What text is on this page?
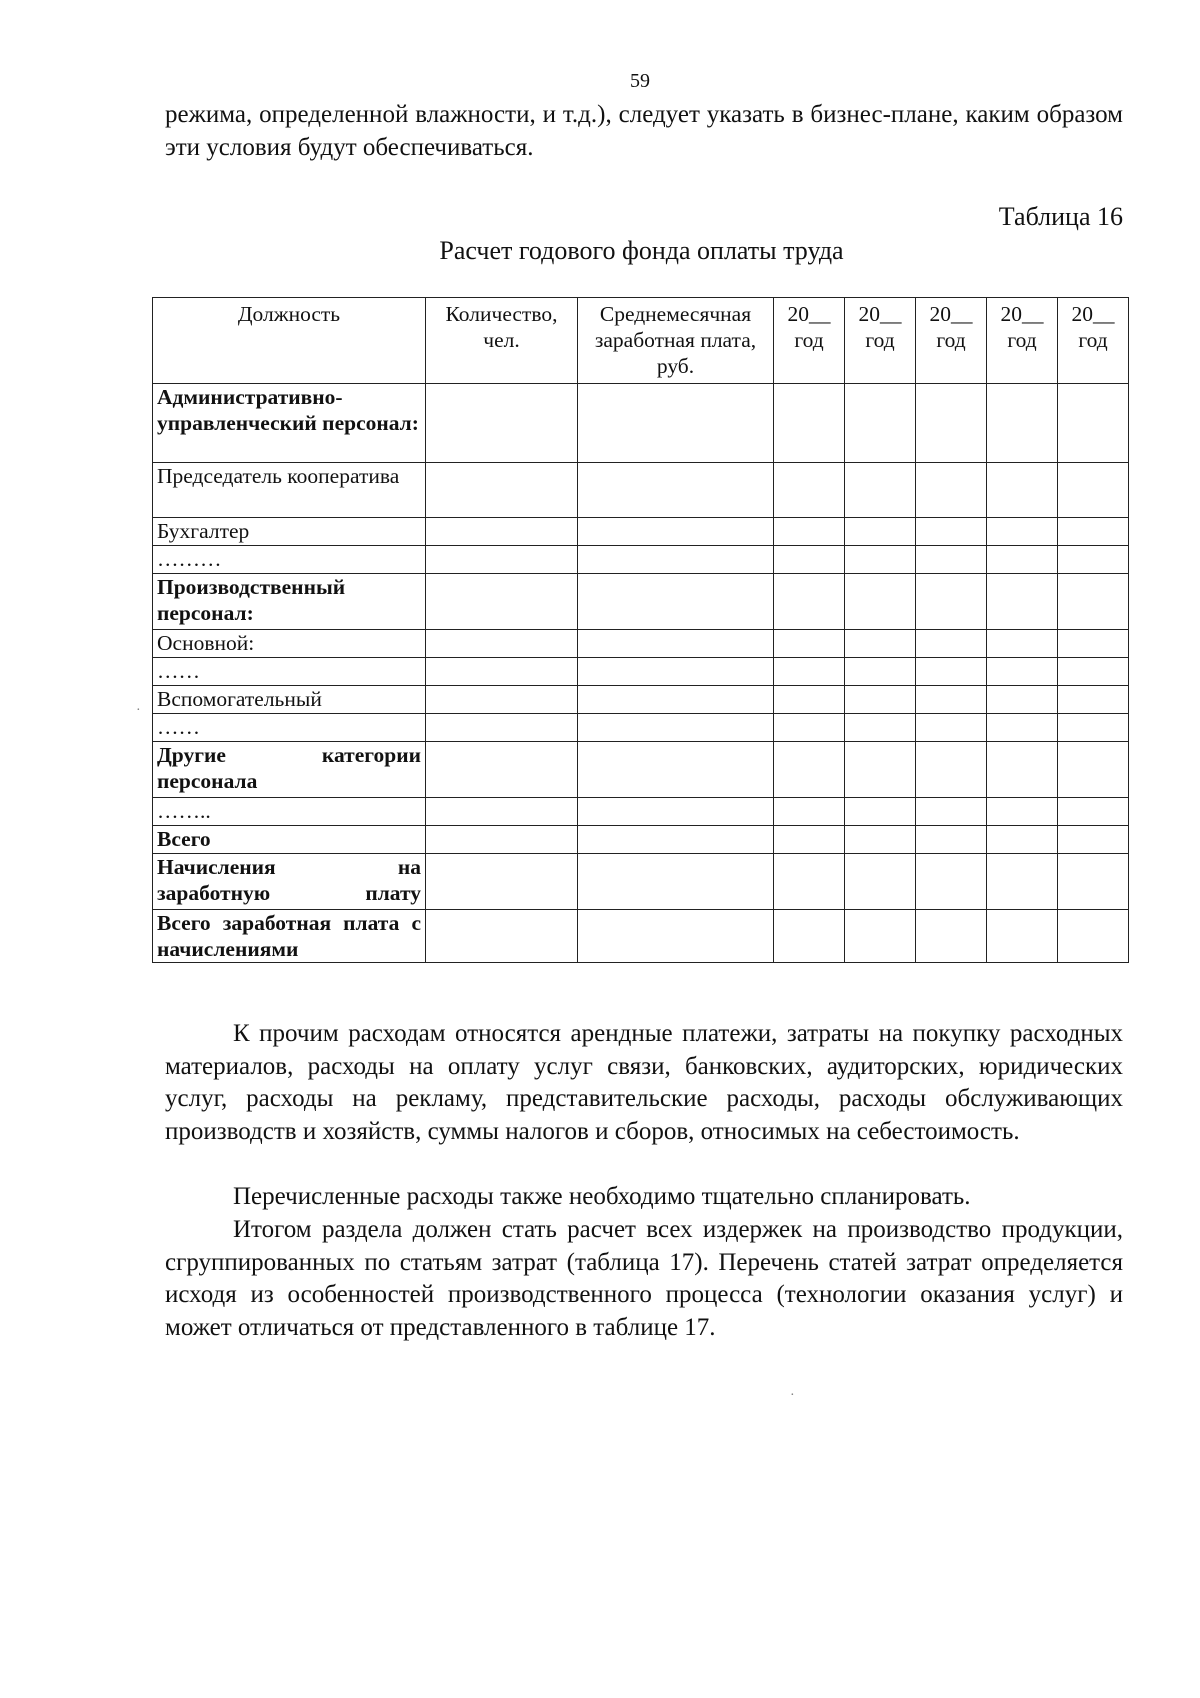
59

режима, определенной влажности, и т.д.), следует указать в бизнес-плане, каким образом эти условия будут обеспечиваться.

Таблица 16
Расчет годового фонда оплаты труда
Должность	Количество, чел.	Среднемесячная заработная плата, руб.	20__ год	20__ год	20__ год	20__ год	20__ год
Административно-управленческий персонал:							
Председатель кооператива							
Бухгалтер							
………							
Производственный персонал:							
Основной:							
……							
Вспомогательный							
……							
Другие категории персонала							
……..							
Всего							
Начисления на заработную плату							
Всего заработная плата с начислениями							

К прочим расходам относятся арендные платежи, затраты на покупку расходных материалов, расходы на оплату услуг связи, банковских, аудиторских, юридических услуг, расходы на рекламу, представительские расходы, расходы обслуживающих производств и хозяйств, суммы налогов и сборов, относимых на себестоимость.

Перечисленные расходы также необходимо тщательно спланировать.

Итогом раздела должен стать расчет всех издержек на производство продукции, сгруппированных по статьям затрат (таблица 17). Перечень статей затрат определяется исходя из особенностей производственного процесса (технологии оказания услуг) и может отличаться от представленного в таблице 17.

·
·
